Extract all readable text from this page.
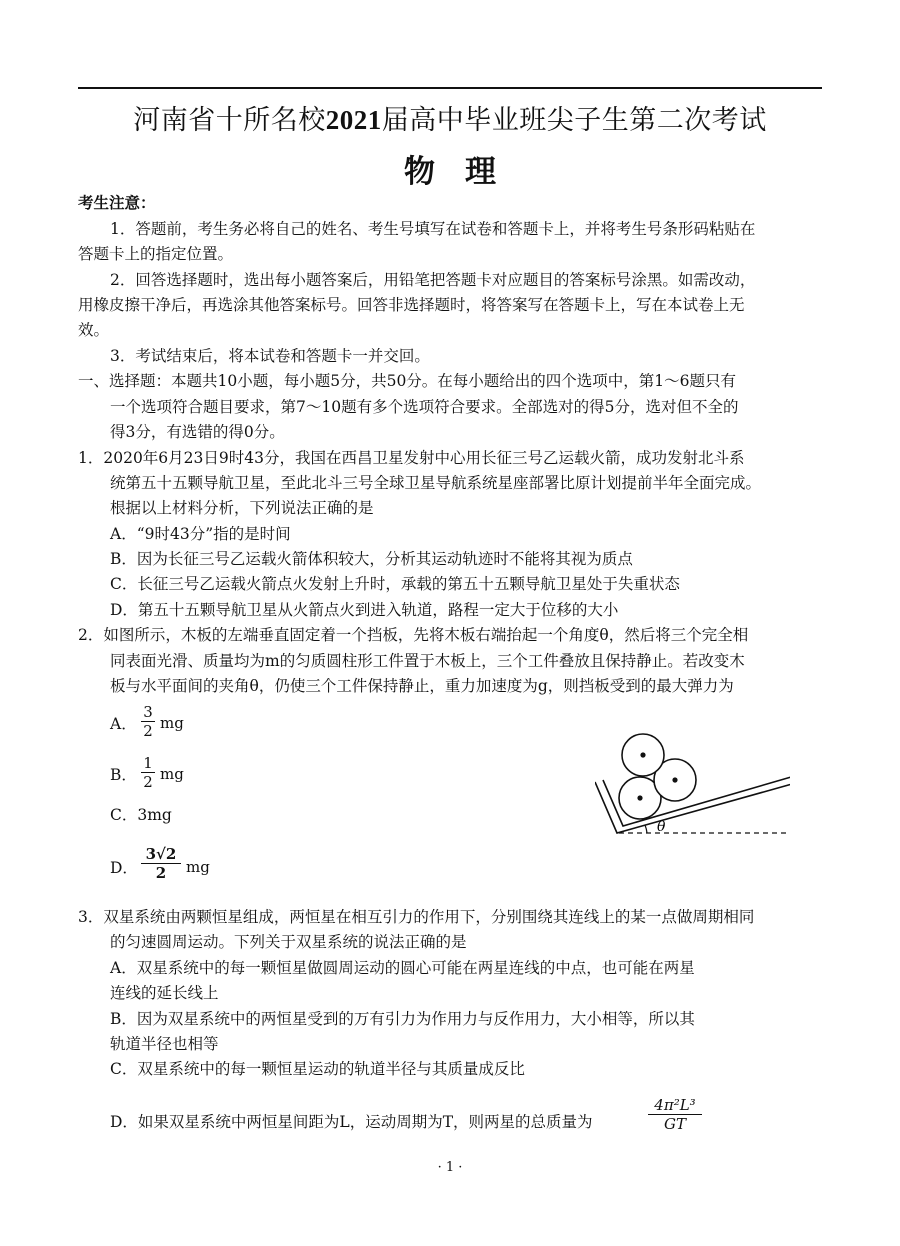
河南省十所名校2021届高中毕业班尖子生第二次考试
物理
考生注意：
1．答题前，考生务必将自己的姓名、考生号填写在试卷和答题卡上，并将考生号条形码粘贴在
答题卡上的指定位置。
2．回答选择题时，选出每小题答案后，用铅笔把答题卡对应题目的答案标号涂黑。如需改动，
用橡皮擦干净后，再选涂其他答案标号。回答非选择题时，将答案写在答题卡上，写在本试卷上无
效。
3．考试结束后，将本试卷和答题卡一并交回。
一、选择题：本题共10小题，每小题5分，共50分。在每小题给出的四个选项中，第1～6题只有
一个选项符合题目要求，第7～10题有多个选项符合要求。全部选对的得5分，选对但不全的
得3分，有选错的得0分。
1．2020年6月23日9时43分，我国在西昌卫星发射中心用长征三号乙运载火箭，成功发射北斗系
统第五十五颗导航卫星，至此北斗三号全球卫星导航系统星座部署比原计划提前半年全面完成。
根据以上材料分析，下列说法正确的是
A．“9时43分”指的是时间
B．因为长征三号乙运载火箭体积较大，分析其运动轨迹时不能将其视为质点
C．长征三号乙运载火箭点火发射上升时，承载的第五十五颗导航卫星处于失重状态
D．第五十五颗导航卫星从火箭点火到进入轨道，路程一定大于位移的大小
2．如图所示，木板的左端垂直固定着一个挡板，先将木板右端抬起一个角度θ，然后将三个完全相
同表面光滑、质量均为m的匀质圆柱形工件置于木板上，三个工件叠放且保持静止。若改变木
板与水平面间的夹角θ，仍使三个工件保持静止，重力加速度为g，则挡板受到的最大弹力为
A．
3
2 mg
B．
1
2 mg
C．3mg
D．
3√2
2	mg
θ
3．双星系统由两颗恒星组成，两恒星在相互引力的作用下，分别围绕其连线上的某一点做周期相同
的匀速圆周运动。下列关于双星系统的说法正确的是
A．双星系统中的每一颗恒星做圆周运动的圆心可能在两星连线的中点，也可能在两星
连线的延长线上
B．因为双星系统中的两恒星受到的万有引力为作用力与反作用力，大小相等，所以其
轨道半径也相等
C．双星系统中的每一颗恒星运动的轨道半径与其质量成反比
D．如果双星系统中两恒星间距为L，运动周期为T，则两星的总质量为
4π²L³
GT
· 1 ·
